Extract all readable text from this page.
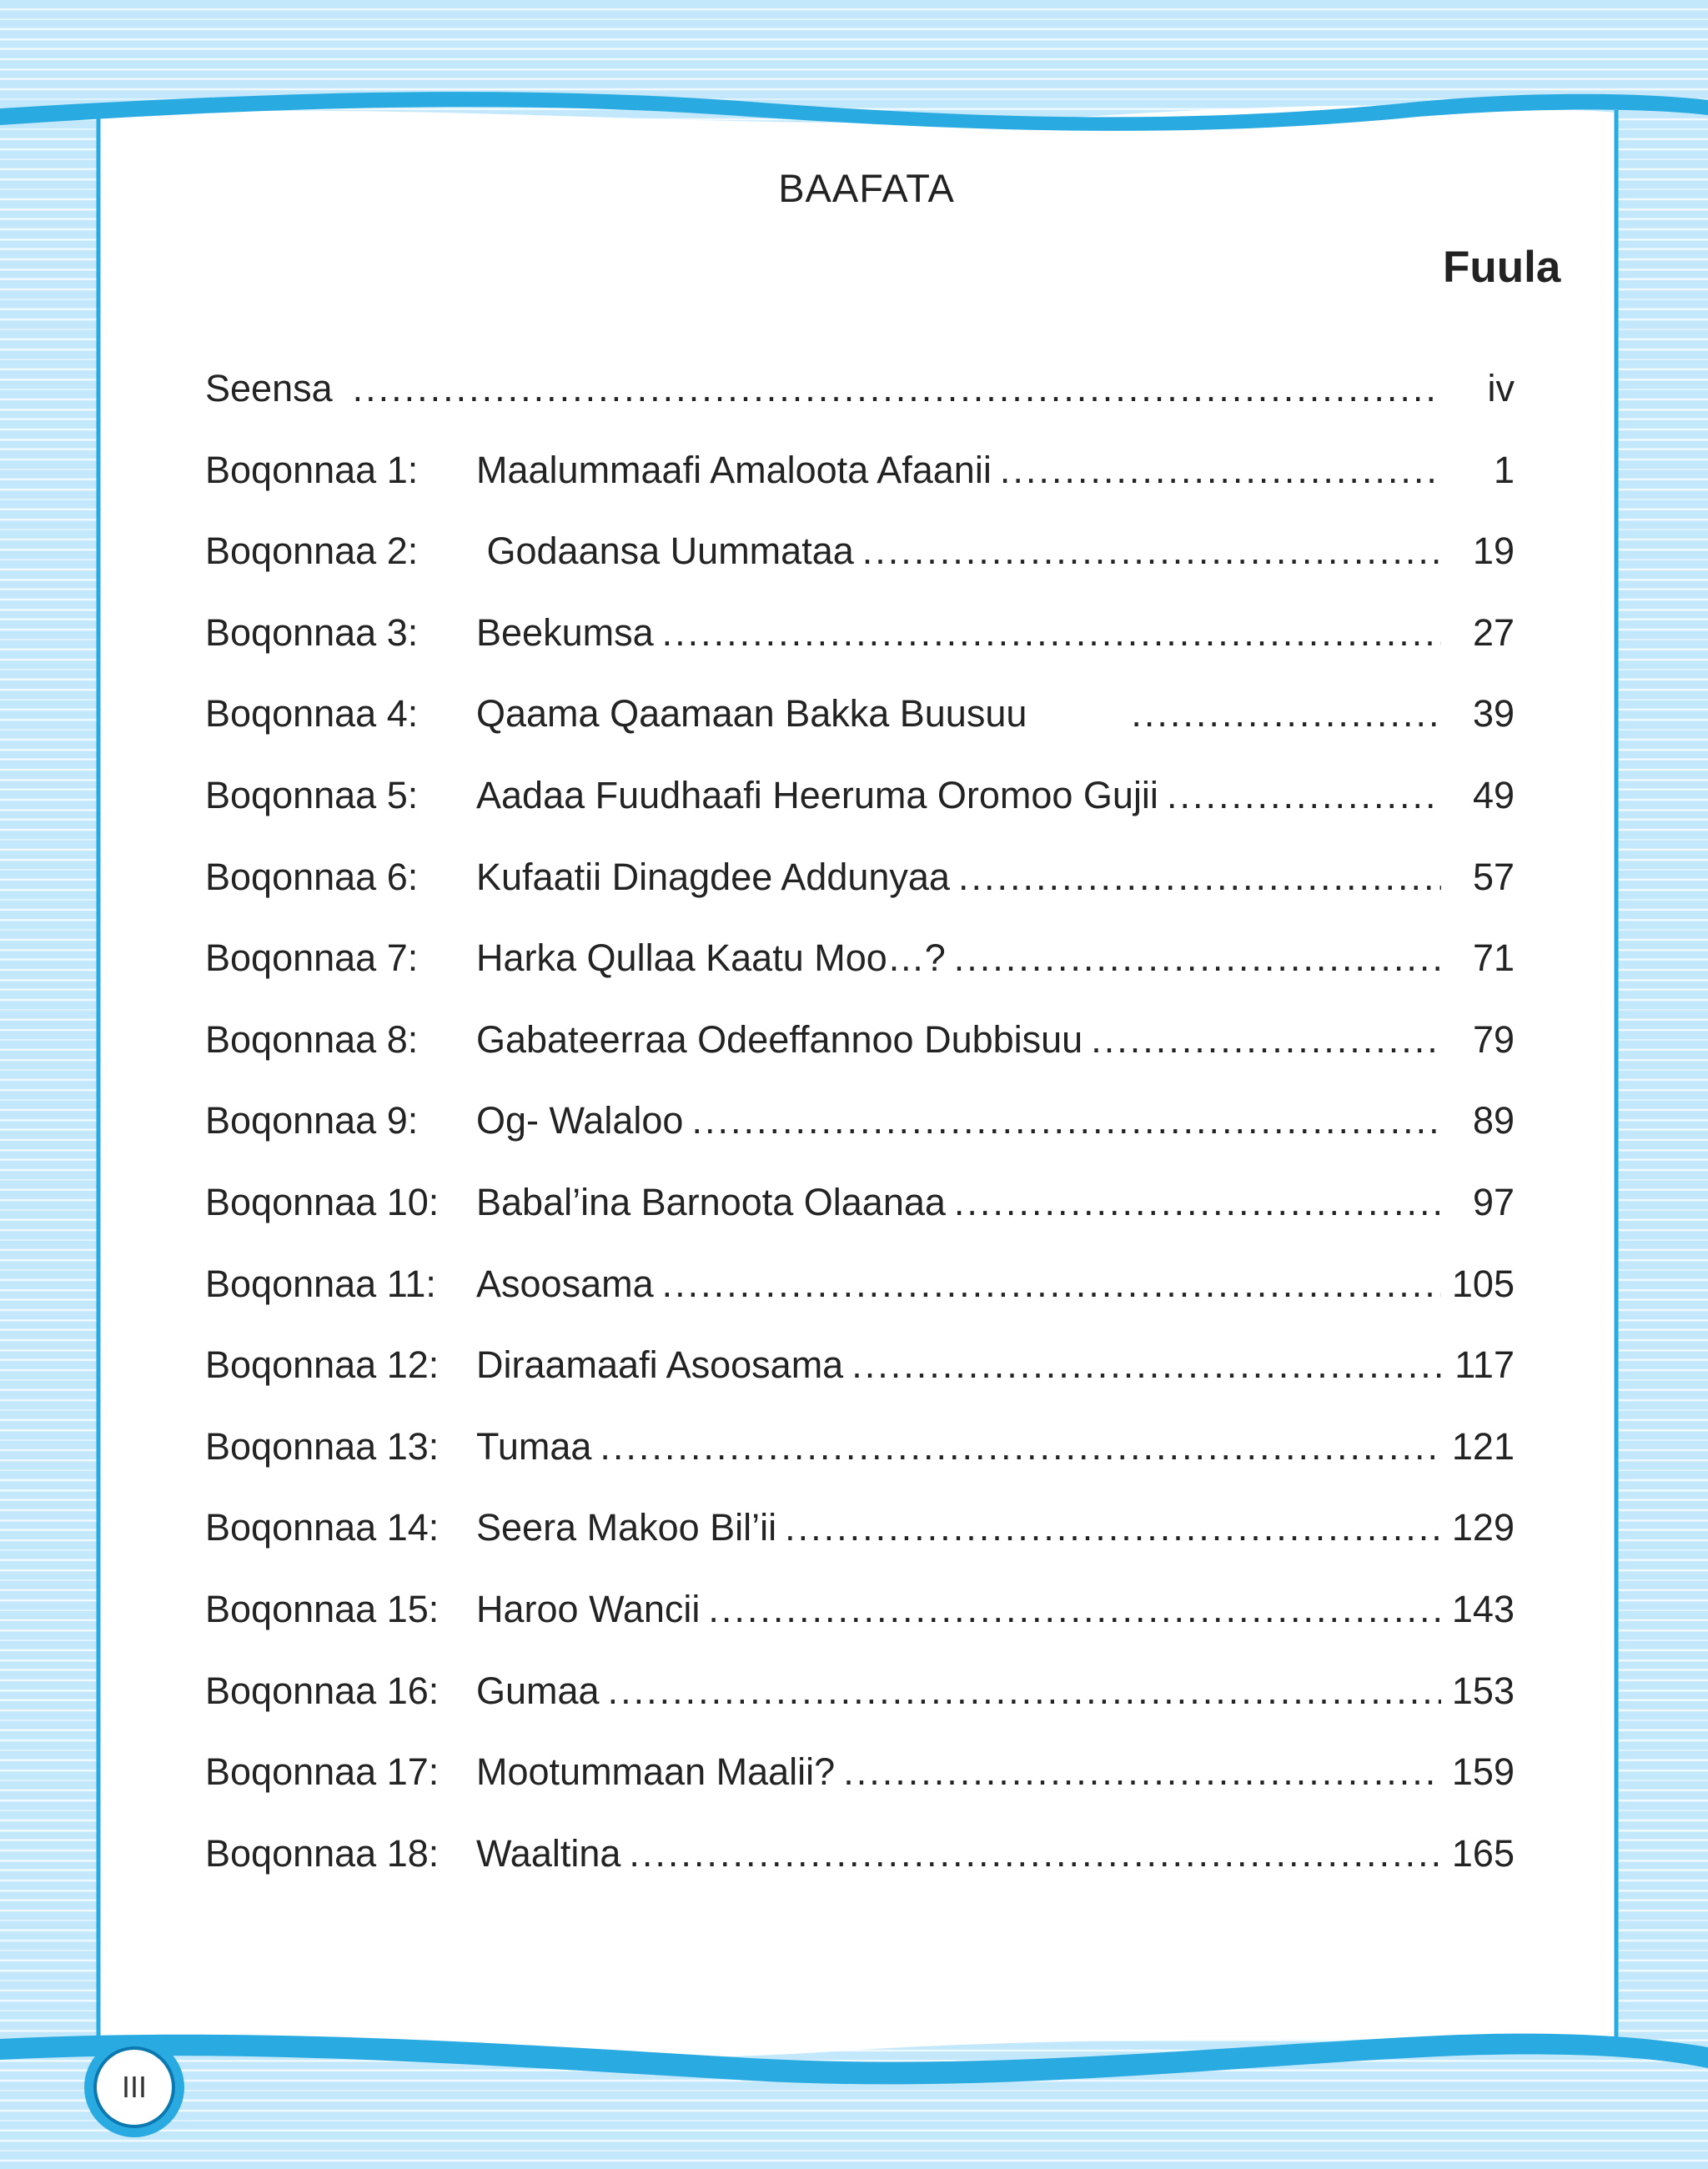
BAAFATA
Fuula
Seensa .....	iv
Boqonnaa 1:	Maalummaafi Amaloota Afaanii .....	1
Boqonnaa 2:	Godaansa Uummataa .....	19
Boqonnaa 3:	Beekumsa .....	27
Boqonnaa 4:	Qaama Qaamaan Bakka Buusuu .....	39
Boqonnaa 5:	Aadaa Fuudhaafi Heeruma Oromoo Gujii .....	49
Boqonnaa 6:	Kufaatii Dinagdee Addunyaa .....	57
Boqonnaa 7:	Harka Qullaa Kaatu Moo…? .....	71
Boqonnaa 8:	Gabateerraa Odeeffannoo Dubbisuu .....	79
Boqonnaa 9:	Og- Walaloo .....	89
Boqonnaa 10: Babal’ina Barnoota Olaanaa .....	97
Boqonnaa 11:	Asoosama .....	105
Boqonnaa 12: Diraamaafi Asoosama .....	117
Boqonnaa 13: Tumaa .....	121
Boqonnaa 14: Seera Makoo Bil’ii .....	129
Boqonnaa 15: Haroo Wancii .....	143
Boqonnaa 16: Gumaa .....	153
Boqonnaa 17: Mootummaan Maalii? .....	159
Boqonnaa 18: Waaltina .....	165
III
